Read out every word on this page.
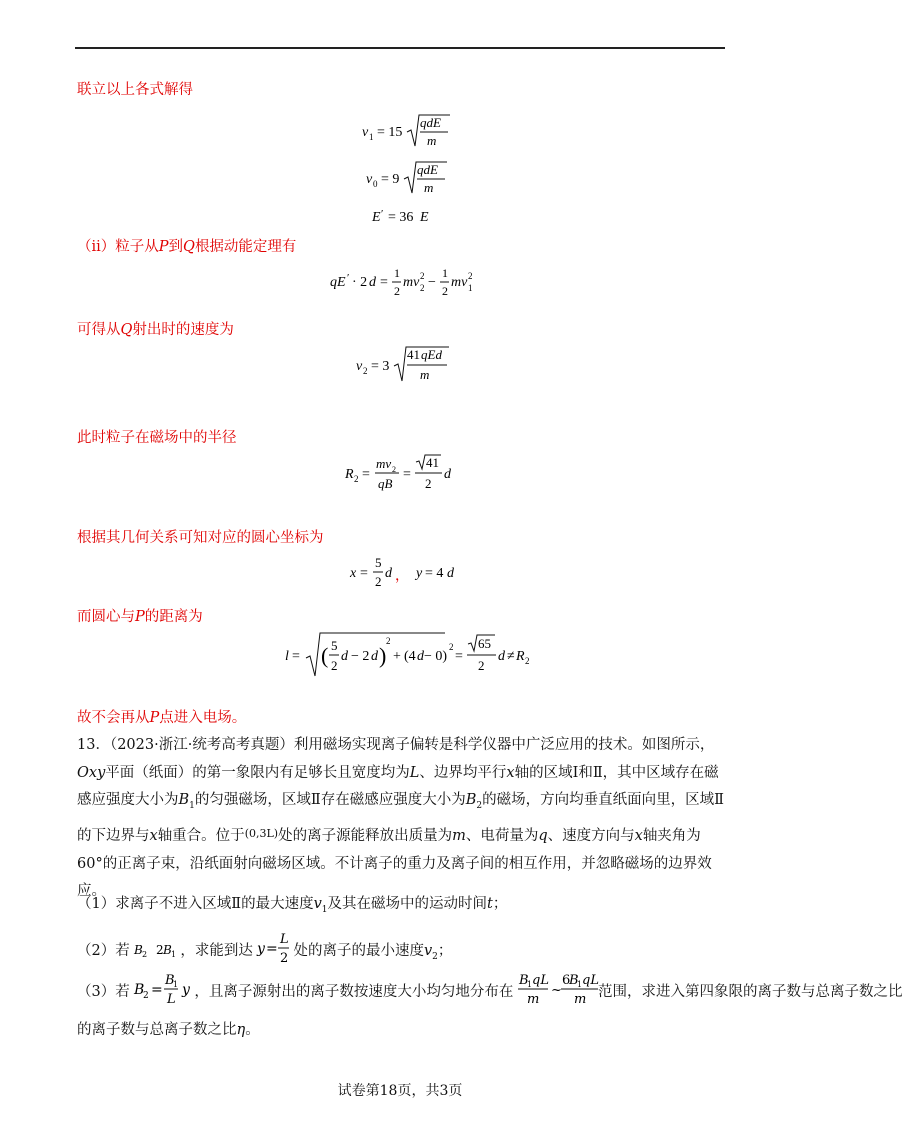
联立以上各式解得
v 1 = 15
qdE
m
v 0 = 9
qdE
m
E ′ = 36 E
（ii）粒子从P到Q根据动能定理有
qE ′ · 2 d =
1
2
mv 2
2 −
1
2
mv 1
2
可得从Q射出时的速度为
v 2 = 3
41 qEd
m
此时粒子在磁场中的半径
R 2 =
mv 2
qB
=
41
2
d
根据其几何关系可知对应的圆心坐标为
x =
5
2
d ， y = 4 d
而圆心与P的距离为
l = ( 5
2
d − 2 d )
2
+ (4 d − 0)
2
=
65
2
d ≠ R 2
故不会再从P点进入电场。
13．（2023·浙江·统考高考真题）利用磁场实现离子偏转是科学仪器中广泛应用的技术。如图所示，Oxy平面（纸面）的第一象限内有足够长且宽度均为L、边界均平行x轴的区域Ⅰ和Ⅱ，其中区域存在磁感应强度大小为$B_1$的匀强磁场，区域Ⅱ存在磁感应强度大小为$B_2$的磁场，方向均垂直纸面向里，区域Ⅱ的下边界与x轴重合。位于$^{(0,3L)}$处的离子源能释放出质量为m、电荷量为q、速度方向与x轴夹角为60°的正离子束，沿纸面射向磁场区域。不计离子的重力及离子间的相互作用，并忽略磁场的边界效应。
（1）求离子不进入区域Ⅱ的最大速度$v_1$及其在磁场中的运动时间t；
（2）若 B 2 2 B 1 ，求能到达 y =
L
2 处的离子的最小速度$v_2$；
（3）若 B
2 =
B
1
L
y ，且离子源射出的离子数按速度大小均匀地分布在
B
1 qL
m
~
6
B
1 qL
m 范围，求进入第四象限的离子数与总离子数之比
的离子数与总离子数之比η。
试卷第18页，共3页
